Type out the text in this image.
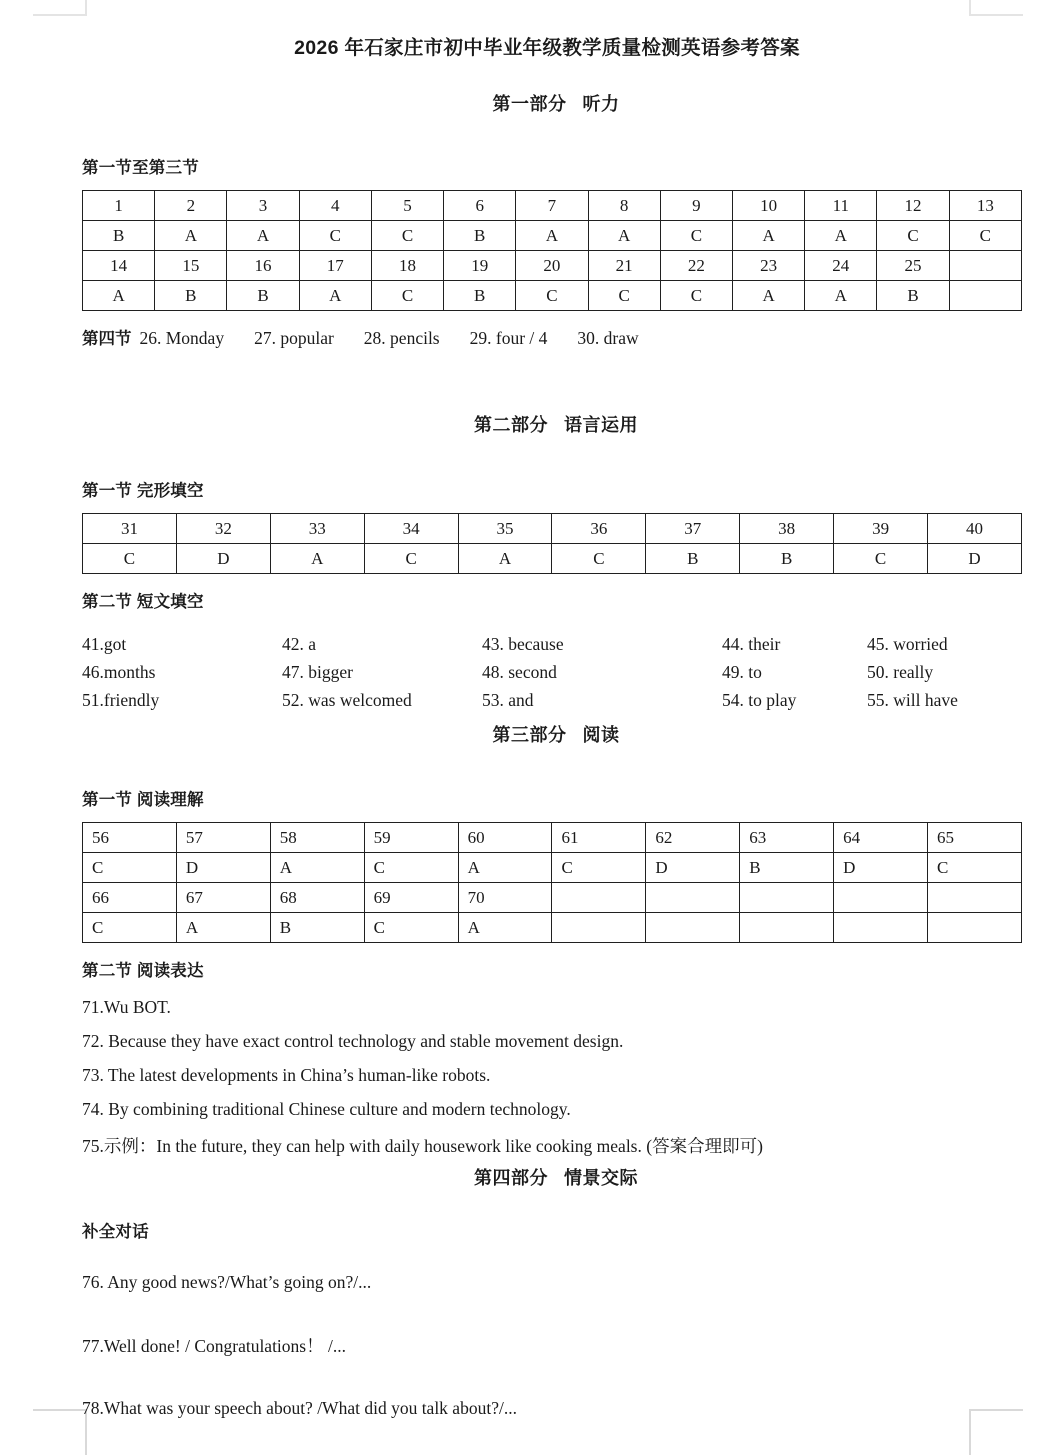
2026 年石家庄市初中毕业年级教学质量检测英语参考答案
第一部分 听力
第一节至第三节
1	2	3	4	5	6	7	8	9	10	11	12	13
B	A	A	C	C	B	A	A	C	A	A	C	C
14	15	16	17	18	19	20	21	22	23	24	25	
A	B	B	A	C	B	C	C	C	A	A	B	
第四节 26. Monday 27. popular 28. pencils 29. four / 4 30. draw
第二部分 语言运用
第一节 完形填空
31	32	33	34	35	36	37	38	39	40
C	D	A	C	A	C	B	B	C	D
第二节 短文填空
41.got	42. a	43. because	44. their	45. worried
46.months	47. bigger	48. second	49. to	50. really
51.friendly	52. was welcomed	53. and	54. to play	55. will have
第三部分 阅读
第一节 阅读理解
56	57	58	59	60	61	62	63	64	65
C	D	A	C	A	C	D	B	D	C
66	67	68	69	70					
C	A	B	C	A					
第二节 阅读表达
71.Wu BOT.
72. Because they have exact control technology and stable movement design.
73. The latest developments in China’s human-like robots.
74. By combining traditional Chinese culture and modern technology.
75.示例：In the future, they can help with daily housework like cooking meals. (答案合理即可)
第四部分 情景交际
补全对话
76. Any good news?/What’s going on?/...
77.Well done! / Congratulations！ /...
78.What was your speech about? /What did you talk about?/...
